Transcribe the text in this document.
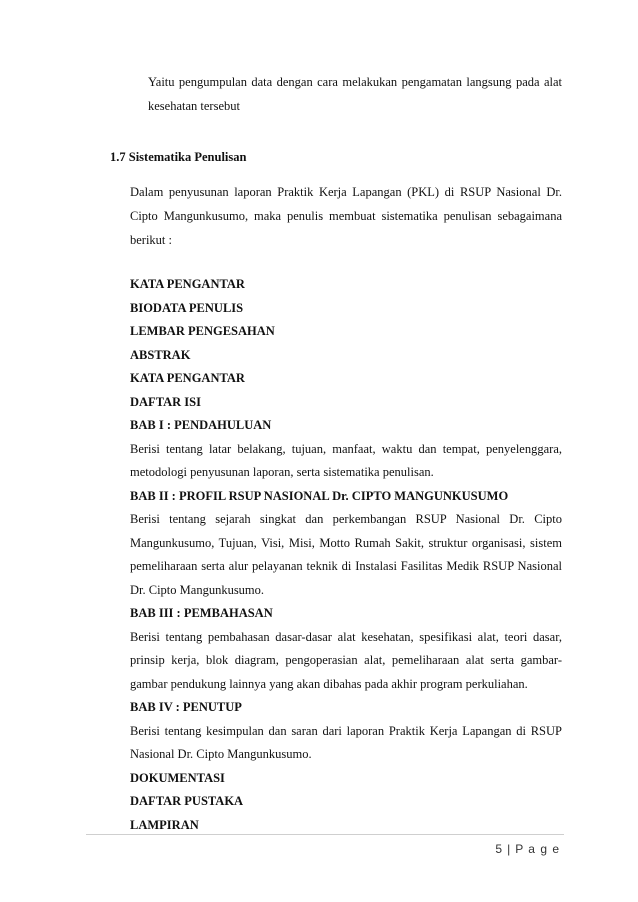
Yaitu pengumpulan data dengan cara melakukan pengamatan langsung pada alat kesehatan tersebut
1.7 Sistematika Penulisan
Dalam penyusunan laporan Praktik Kerja Lapangan (PKL) di RSUP Nasional Dr. Cipto Mangunkusumo, maka penulis membuat sistematika penulisan sebagaimana berikut :
KATA PENGANTAR
BIODATA PENULIS
LEMBAR PENGESAHAN
ABSTRAK
KATA PENGANTAR
DAFTAR ISI
BAB I : PENDAHULUAN
Berisi tentang latar belakang, tujuan, manfaat, waktu dan tempat, penyelenggara, metodologi penyusunan laporan, serta sistematika penulisan.
BAB II : PROFIL RSUP NASIONAL Dr. CIPTO MANGUNKUSUMO
Berisi tentang sejarah singkat dan perkembangan RSUP Nasional Dr. Cipto Mangunkusumo, Tujuan, Visi, Misi, Motto Rumah Sakit, struktur organisasi, sistem pemeliharaan serta alur pelayanan teknik di Instalasi Fasilitas Medik RSUP Nasional Dr. Cipto Mangunkusumo.
BAB III : PEMBAHASAN
Berisi tentang pembahasan dasar-dasar alat kesehatan, spesifikasi alat, teori dasar, prinsip kerja, blok diagram, pengoperasian alat, pemeliharaan alat serta gambar-gambar pendukung lainnya yang akan dibahas pada akhir program perkuliahan.
BAB IV : PENUTUP
Berisi tentang kesimpulan dan saran dari laporan Praktik Kerja Lapangan di RSUP Nasional Dr. Cipto Mangunkusumo.
DOKUMENTASI
DAFTAR PUSTAKA
LAMPIRAN
5 | P a g e
